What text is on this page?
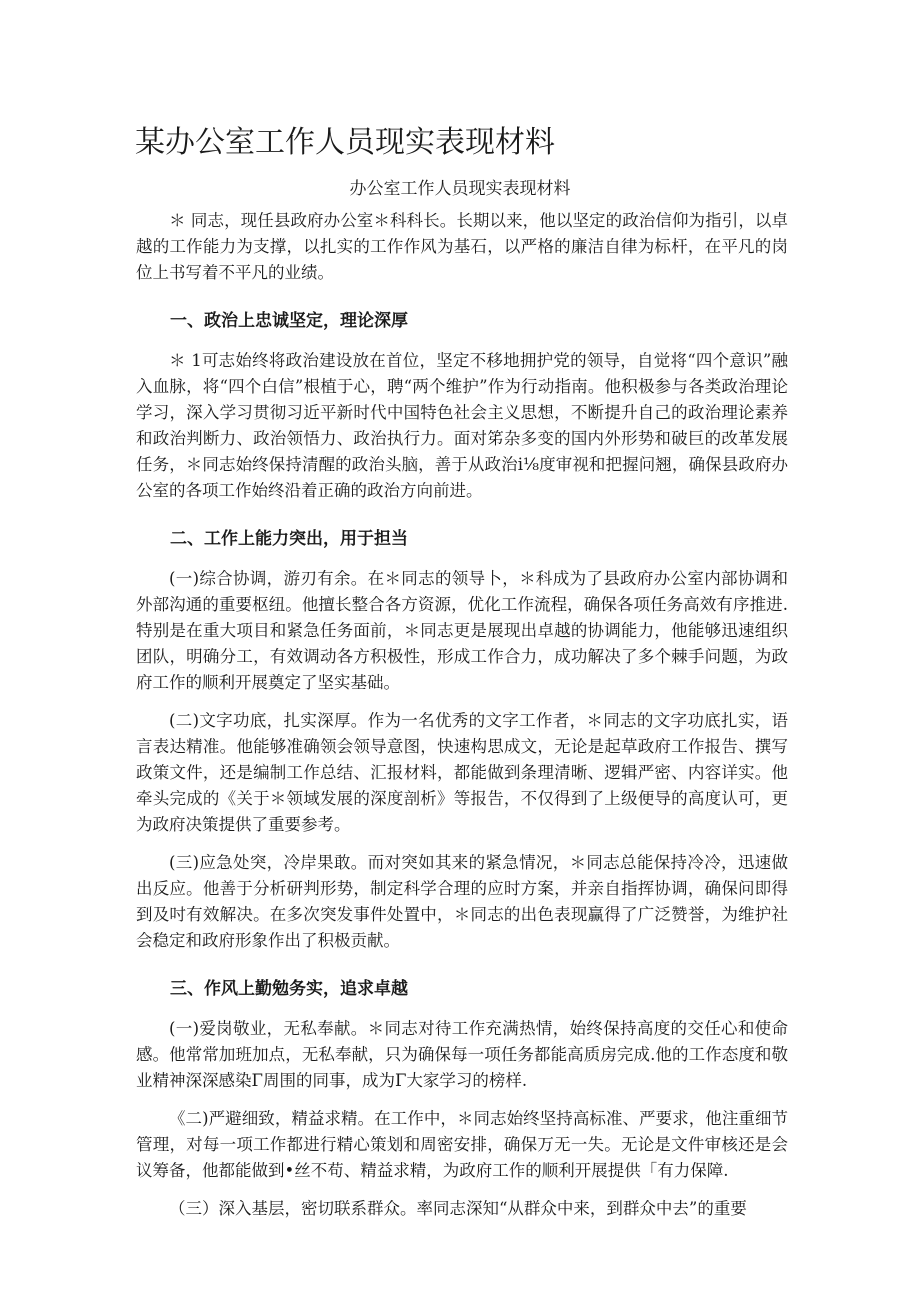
某办公室工作人员现实表现材料

办公室工作人员现实表现材料

＊ 同志，现任县政府办公室＊科科长。长期以来，他以坚定的政治信仰为指引，以卓越的工作能力为支撑，以扎实的工作作风为基石，以严格的廉洁自律为标杆，在平凡的岗位上书写着不平凡的业绩。

一、政治上忠诚坚定，理论深厚

＊ 1可志始终将政治建设放在首位，坚定不移地拥护党的领导，自觉将“四个意识”融入血脉，将“四个白信”根植于心，聘“两个维护”作为行动指南。他积极参与各类政治理论学习，深入学习贯彻习近平新时代中国特色社会主义思想，不断提升自己的政治理论素养和政治判断力、政治领悟力、政治执行力。面对笫杂多变的国内外形势和破巨的改革发展任务，＊同志始终保持清醒的政治头脑，善于从政治i⅛度审视和把握问翘，确保县政府办公室的各项工作始终沿着正确的政治方向前进。

二、工作上能力突出，用于担当

(一)综合协调，游刃有余。在＊同志的领导卜，＊科成为了县政府办公室内部协调和外部沟通的重要枢纽。他擅长整合各方资源，优化工作流程，确保各项任务高效有序推进.特别是在重大项目和紧急任务面前，＊同志更是展现出卓越的协调能力，他能够迅速组织团队，明确分工，有效调动各方积极性，形成工作合力，成功解决了多个棘手问题，为政府工作的顺利开展奠定了坚实基础。

(二)文字功底，扎实深厚。作为一名优秀的文字工作者，＊同志的文字功底扎实，语言表达精准。他能够准确领会领导意图，快速构思成文，无论是起草政府工作报告、撰写政策文件，还是编制工作总结、汇报材料，都能做到条理清晰、逻辑严密、内容详实。他牵头完成的《关于＊领域发展的深度剖析》等报告，不仅得到了上级便导的高度认可，更为政府决策提供了重要参考。

(三)应急处突，冷岸果敢。而对突如其来的紧急情况，＊同志总能保持冷冷，迅速做出反应。他善于分析研判形势，制定科学合理的应时方案，并亲自指挥协调，确保问即得到及吋有效解决。在多次突发事件处置中，＊同志的出色表现赢得了广泛赞誉，为维护社会稳定和政府形象作出了积极贡献。

三、作风上勤勉务实，追求卓越

(一)爱岗敬业，无私奉献。＊同志对待工作充满热情，始终保持高度的交任心和使命感。他常常加班加点，无私奉献，只为确保每一项任务都能高质房完成.他的工作态度和敬业精神深深感染Γ周围的同事，成为Γ大家学习的榜样.

《二)严避细致，精益求精。在工作中，＊同志始终坚持高标准、严要求，他注重细节管理，对每一项工作都进行精心策划和周密安排，确保万无一失。无论是文件审核还是会议筹备，他都能做到•丝不苟、精益求精，为政府工作的顺利开展提供「有力保障.

（三）深入基层，密切联系群众。率同志深知“从群众中来，到群众中去”的重要
